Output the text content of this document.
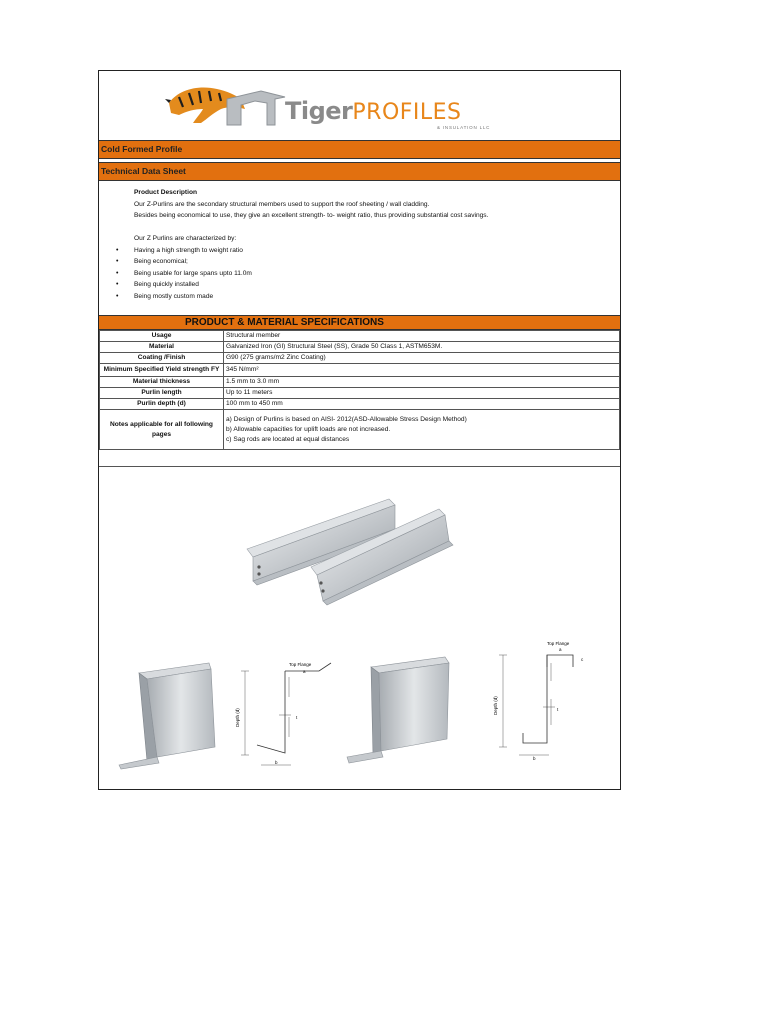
TigerPROFILES
& INSULATION LLC
Cold Formed Profile
Technical Data Sheet

Product Description

Our Z-Purlins are the secondary structural members used to support the roof sheeting / wall cladding.

Besides being economical to use, they give an excellent strength- to- weight ratio, thus providing substantial cost savings.

Our Z Purlins are characterized by:

• Having a high strength to weight ratio
• Being economical;
• Being usable for large spans upto 11.0m
• Being quickly installed
• Being mostly custom made
PRODUCT & MATERIAL SPECIFICATIONS
Usage	Structural member
Material	Galvanized Iron (GI) Structural Steel (SS), Grade 50 Class 1, ASTM653M.
Coating /Finish	G90 (275 grams/m2 Zinc Coating)
Minimum Specified Yield strength FY	345 N/mm²
Material thickness	1.5 mm to 3.0 mm
Purlin length	Up to 11 meters
Purlin depth (d)	100 mm to 450 mm
Notes applicable for all following pages	a) Design of Purlins is based on AISI- 2012(ASD-Allowable Stress Design Method)
b) Allowable capacities for uplift loads are not increased.
c) Sag rods are located at equal distances
Top Flange
a
t
b
Depth (d)
Top Flange
a
c
t
b
Depth (d)
